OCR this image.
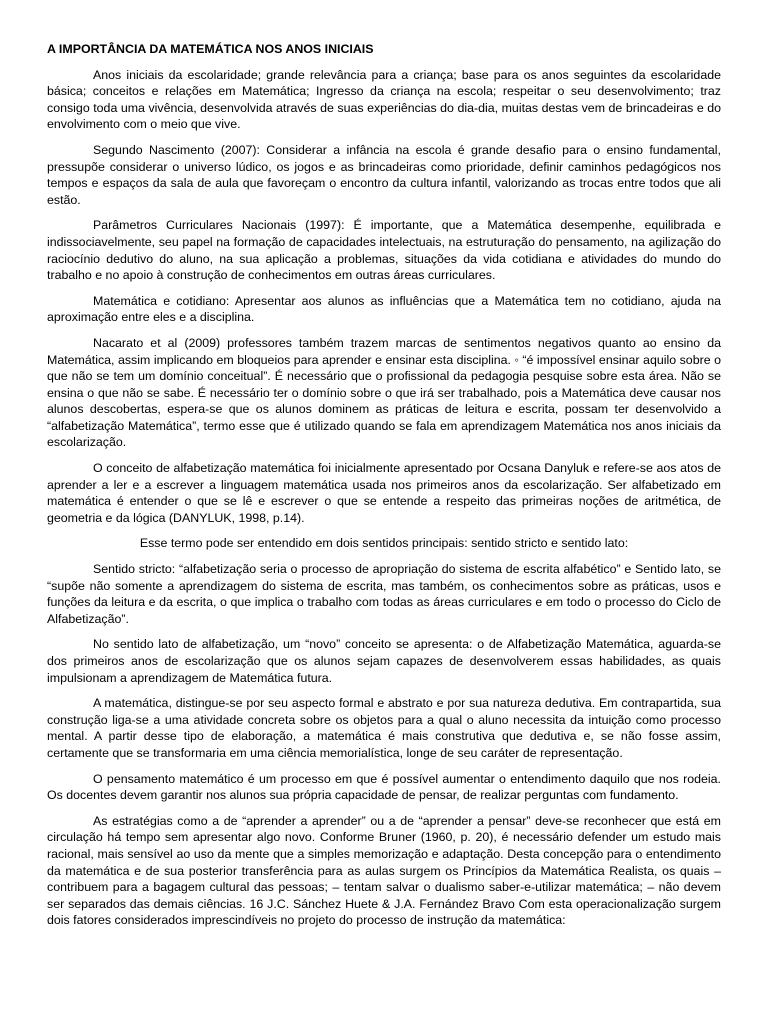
A IMPORTÂNCIA DA MATEMÁTICA NOS ANOS INICIAIS

Anos iniciais da escolaridade; grande relevância para a criança; base para os anos seguintes da escolaridade básica; conceitos e relações em Matemática; Ingresso da criança na escola; respeitar o seu desenvolvimento; traz consigo toda uma vivência, desenvolvida através de suas experiências do dia-dia, muitas destas vem de brincadeiras e do envolvimento com o meio que vive.

Segundo Nascimento (2007): Considerar a infância na escola é grande desafio para o ensino fundamental, pressupõe considerar o universo lúdico, os jogos e as brincadeiras como prioridade, definir caminhos pedagógicos nos tempos e espaços da sala de aula que favoreçam o encontro da cultura infantil, valorizando as trocas entre todos que ali estão.

Parâmetros Curriculares Nacionais (1997): É importante, que a Matemática desempenhe, equilibrada e indissociavelmente, seu papel na formação de capacidades intelectuais, na estruturação do pensamento, na agilização do raciocínio dedutivo do aluno, na sua aplicação a problemas, situações da vida cotidiana e atividades do mundo do trabalho e no apoio à construção de conhecimentos em outras áreas curriculares.

Matemática e cotidiano: Apresentar aos alunos as influências que a Matemática tem no cotidiano, ajuda na aproximação entre eles e a disciplina.

Nacarato et al (2009) professores também trazem marcas de sentimentos negativos quanto ao ensino da Matemática, assim implicando em bloqueios para aprender e ensinar esta disciplina. ◦ “é impossível ensinar aquilo sobre o que não se tem um domínio conceitual”. É necessário que o profissional da pedagogia pesquise sobre esta área. Não se ensina o que não se sabe. É necessário ter o domínio sobre o que irá ser trabalhado, pois a Matemática deve causar nos alunos descobertas, espera-se que os alunos dominem as práticas de leitura e escrita, possam ter desenvolvido a “alfabetização Matemática”, termo esse que é utilizado quando se fala em aprendizagem Matemática nos anos iniciais da escolarização.

O conceito de alfabetização matemática foi inicialmente apresentado por Ocsana Danyluk e refere-se aos atos de aprender a ler e a escrever a linguagem matemática usada nos primeiros anos da escolarização. Ser alfabetizado em matemática é entender o que se lê e escrever o que se entende a respeito das primeiras noções de aritmética, de geometria e da lógica (DANYLUK, 1998, p.14).

Esse termo pode ser entendido em dois sentidos principais: sentido stricto e sentido lato:

Sentido stricto: “alfabetização seria o processo de apropriação do sistema de escrita alfabético” e Sentido lato, se “supõe não somente a aprendizagem do sistema de escrita, mas também, os conhecimentos sobre as práticas, usos e funções da leitura e da escrita, o que implica o trabalho com todas as áreas curriculares e em todo o processo do Ciclo de Alfabetização”.

No sentido lato de alfabetização, um “novo” conceito se apresenta: o de Alfabetização Matemática, aguarda-se dos primeiros anos de escolarização que os alunos sejam capazes de desenvolverem essas habilidades, as quais impulsionam a aprendizagem de Matemática futura.

A matemática, distingue-se por seu aspecto formal e abstrato e por sua natureza dedutiva. Em contrapartida, sua construção liga-se a uma atividade concreta sobre os objetos para a qual o aluno necessita da intuição como processo mental. A partir desse tipo de elaboração, a matemática é mais construtiva que dedutiva e, se não fosse assim, certamente que se transformaria em uma ciência memorialística, longe de seu caráter de representação.

O pensamento matemático é um processo em que é possível aumentar o entendimento daquilo que nos rodeia. Os docentes devem garantir nos alunos sua própria capacidade de pensar, de realizar perguntas com fundamento.

As estratégias como a de “aprender a aprender” ou a de “aprender a pensar” deve-se reconhecer que está em circulação há tempo sem apresentar algo novo. Conforme Bruner (1960, p. 20), é necessário defender um estudo mais racional, mais sensível ao uso da mente que a simples memorização e adaptação. Desta concepção para o entendimento da matemática e de sua posterior transferência para as aulas surgem os Princípios da Matemática Realista, os quais – contribuem para a bagagem cultural das pessoas; – tentam salvar o dualismo saber-e-utilizar matemática; – não devem ser separados das demais ciências. 16 J.C. Sánchez Huete & J.A. Fernández Bravo Com esta operacionalização surgem dois fatores considerados imprescindíveis no projeto do processo de instrução da matemática:
